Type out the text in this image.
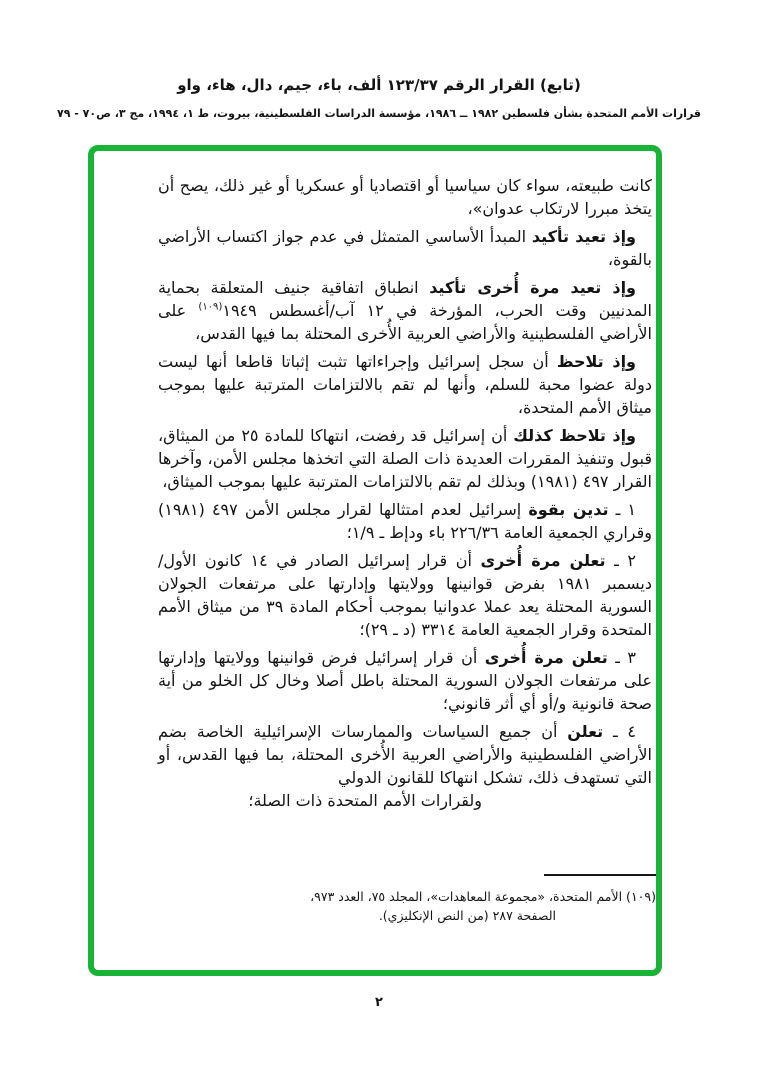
(تابع) القرار الرقم ١٢٣/٣٧ ألف، باء، جيم، دال، هاء، واو
قرارات الأمم المتحدة بشأن فلسطين ١٩٨٢ ــ ١٩٨٦، مؤسسة الدراسات الفلسطينية، بيروت، ط ١، ١٩٩٤، مج ٣، ص٧٠ - ٧٩
كانت طبيعته، سواء كان سياسيا أو اقتصاديا أو عسكريا أو غير ذلك، يصح أن يتخذ مبررا لارتكاب عدوان»،
وإذ تعيد تأكيد المبدأ الأساسي المتمثل في عدم جواز اكتساب الأراضي بالقوة،
وإذ تعيد مرة أُخرى تأكيد انطباق اتفاقية جنيف المتعلقة بحماية المدنيين وقت الحرب، المؤرخة في ١٢ آب/أغسطس ١٩٤٩$^{(١٠٩)}$ على الأراضي الفلسطينية والأراضي العربية الأُخرى المحتلة بما فيها القدس،
وإذ تلاحظ أن سجل إسرائيل وإجراءاتها تثبت إثباتا قاطعا أنها ليست دولة عضوا محبة للسلم، وأنها لم تقم بالالتزامات المترتبة عليها بموجب ميثاق الأمم المتحدة،
وإذ تلاحظ كذلك أن إسرائيل قد رفضت، انتهاكا للمادة ٢٥ من الميثاق، قبول وتنفيذ المقررات العديدة ذات الصلة التي اتخذها مجلس الأمن، وآخرها القرار ٤٩٧ (١٩٨١) وبذلك لم تقم بالالتزامات المترتبة عليها بموجب الميثاق،
١ ـ تدين بقوة إسرائيل لعدم امتثالها لقرار مجلس الأمن ٤٩٧ (١٩٨١) وقراري الجمعية العامة ٢٢٦/٣٦ باء ودإط ـ ١/٩؛
٢ ـ تعلن مرة أُخرى أن قرار إسرائيل الصادر في ١٤ كانون الأول/ديسمبر ١٩٨١ بفرض قوانينها وولايتها وإدارتها على مرتفعات الجولان السورية المحتلة يعد عملا عدوانيا بموجب أحكام المادة ٣٩ من ميثاق الأمم المتحدة وقرار الجمعية العامة ٣٣١٤ (د ـ ٢٩)؛
٣ ـ تعلن مرة أُخرى أن قرار إسرائيل فرض قوانينها وولايتها وإدارتها على مرتفعات الجولان السورية المحتلة باطل أصلا وخال كل الخلو من أية صحة قانونية و/أو أي أثر قانوني؛
٤ ـ تعلن أن جميع السياسات والممارسات الإسرائيلية الخاصة بضم الأراضي الفلسطينية والأراضي العربية الأُخرى المحتلة، بما فيها القدس، أو التي تستهدف ذلك، تشكل انتهاكا للقانون الدولي
ولقرارات الأمم المتحدة ذات الصلة؛
(١٠٩) الأمم المتحدة، «مجموعة المعاهدات»، المجلد ٧٥، العدد ٩٧٣،
الصفحة ٢٨٧ (من النص الإنكليزي).
٢
